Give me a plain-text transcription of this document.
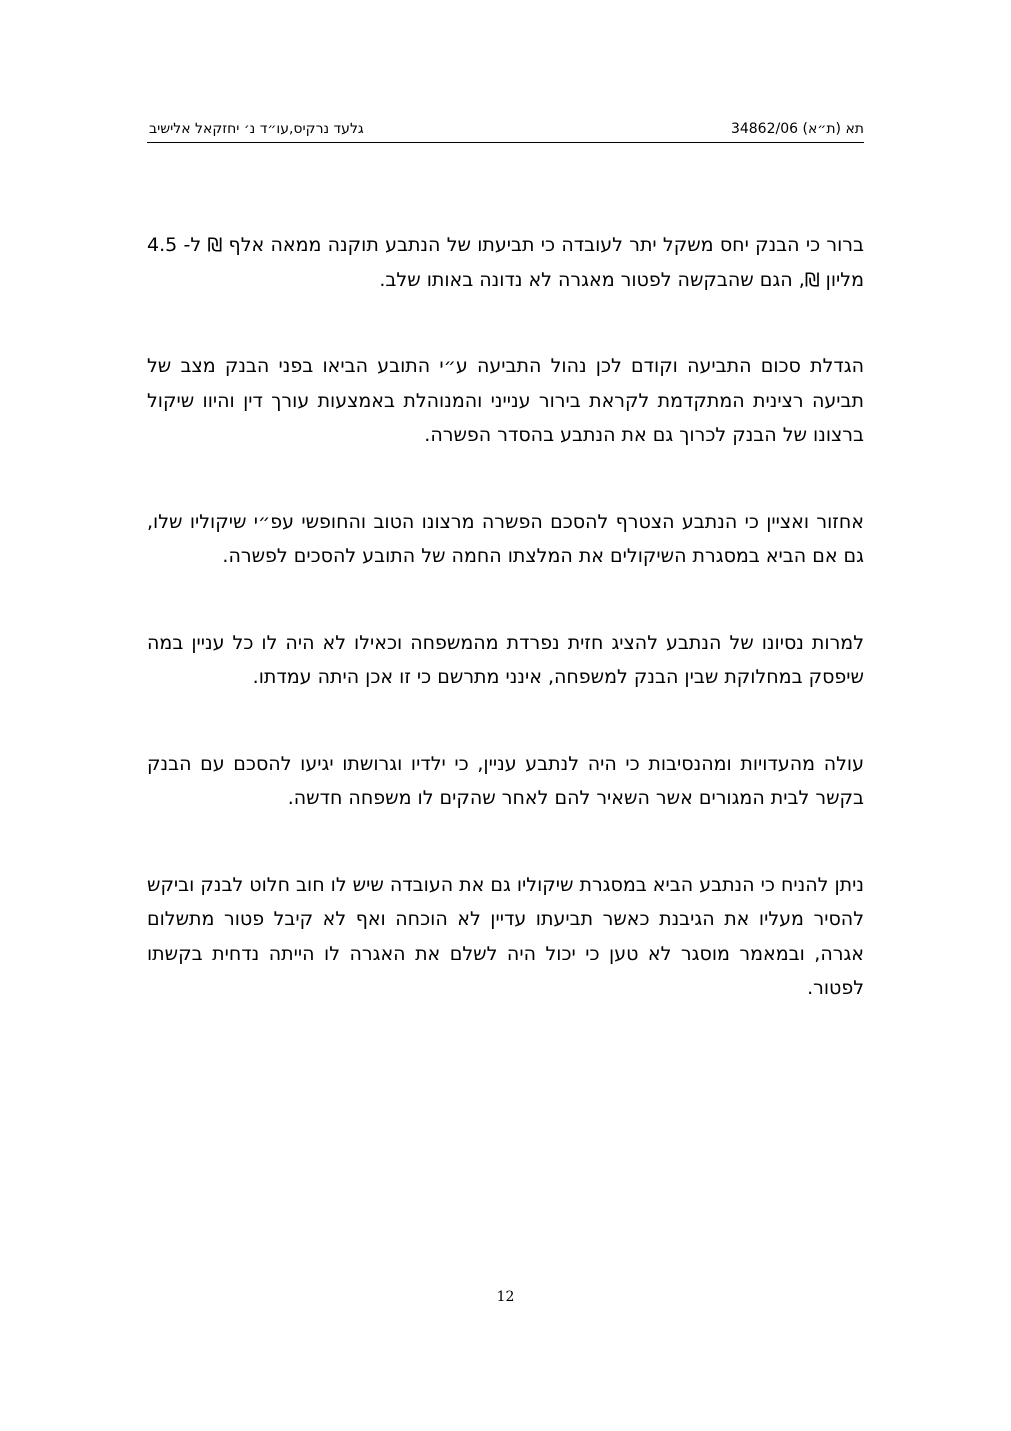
תא (ת״א) 34862/06
גלעד נרקיס,עו״ד נ׳ יחזקאל אלישיב

ברור כי הבנק יחס משקל יתר לעובדה כי תביעתו של הנתבע תוקנה ממאה אלף ₪ ל- 4.5 מליון ₪, הגם שהבקשה לפטור מאגרה לא נדונה באותו שלב.

הגדלת סכום התביעה וקודם לכן נהול התביעה ע״י התובע הביאו בפני הבנק מצב של תביעה רצינית המתקדמת לקראת בירור ענייני והמנוהלת באמצעות עורך דין והיוו שיקול ברצונו של הבנק לכרוך גם את הנתבע בהסדר הפשרה.

אחזור ואציין כי הנתבע הצטרף להסכם הפשרה מרצונו הטוב והחופשי עפ״י שיקוליו שלו, גם אם הביא במסגרת השיקולים את המלצתו החמה של התובע להסכים לפשרה.

למרות נסיונו של הנתבע להציג חזית נפרדת מהמשפחה וכאילו לא היה לו כל עניין במה שיפסק במחלוקת שבין הבנק למשפחה, אינני מתרשם כי זו אכן היתה עמדתו.

עולה מהעדויות ומהנסיבות כי היה לנתבע עניין, כי ילדיו וגרושתו יגיעו להסכם עם הבנק בקשר לבית המגורים אשר השאיר להם לאחר שהקים לו משפחה חדשה.

ניתן להניח כי הנתבע הביא במסגרת שיקוליו גם את העובדה שיש לו חוב חלוט לבנק וביקש להסיר מעליו את הגיבנת כאשר תביעתו עדיין לא הוכחה ואף לא קיבל פטור מתשלום אגרה, ובמאמר מוסגר לא טען כי יכול היה לשלם את האגרה לו הייתה נדחית בקשתו לפטור.

12
